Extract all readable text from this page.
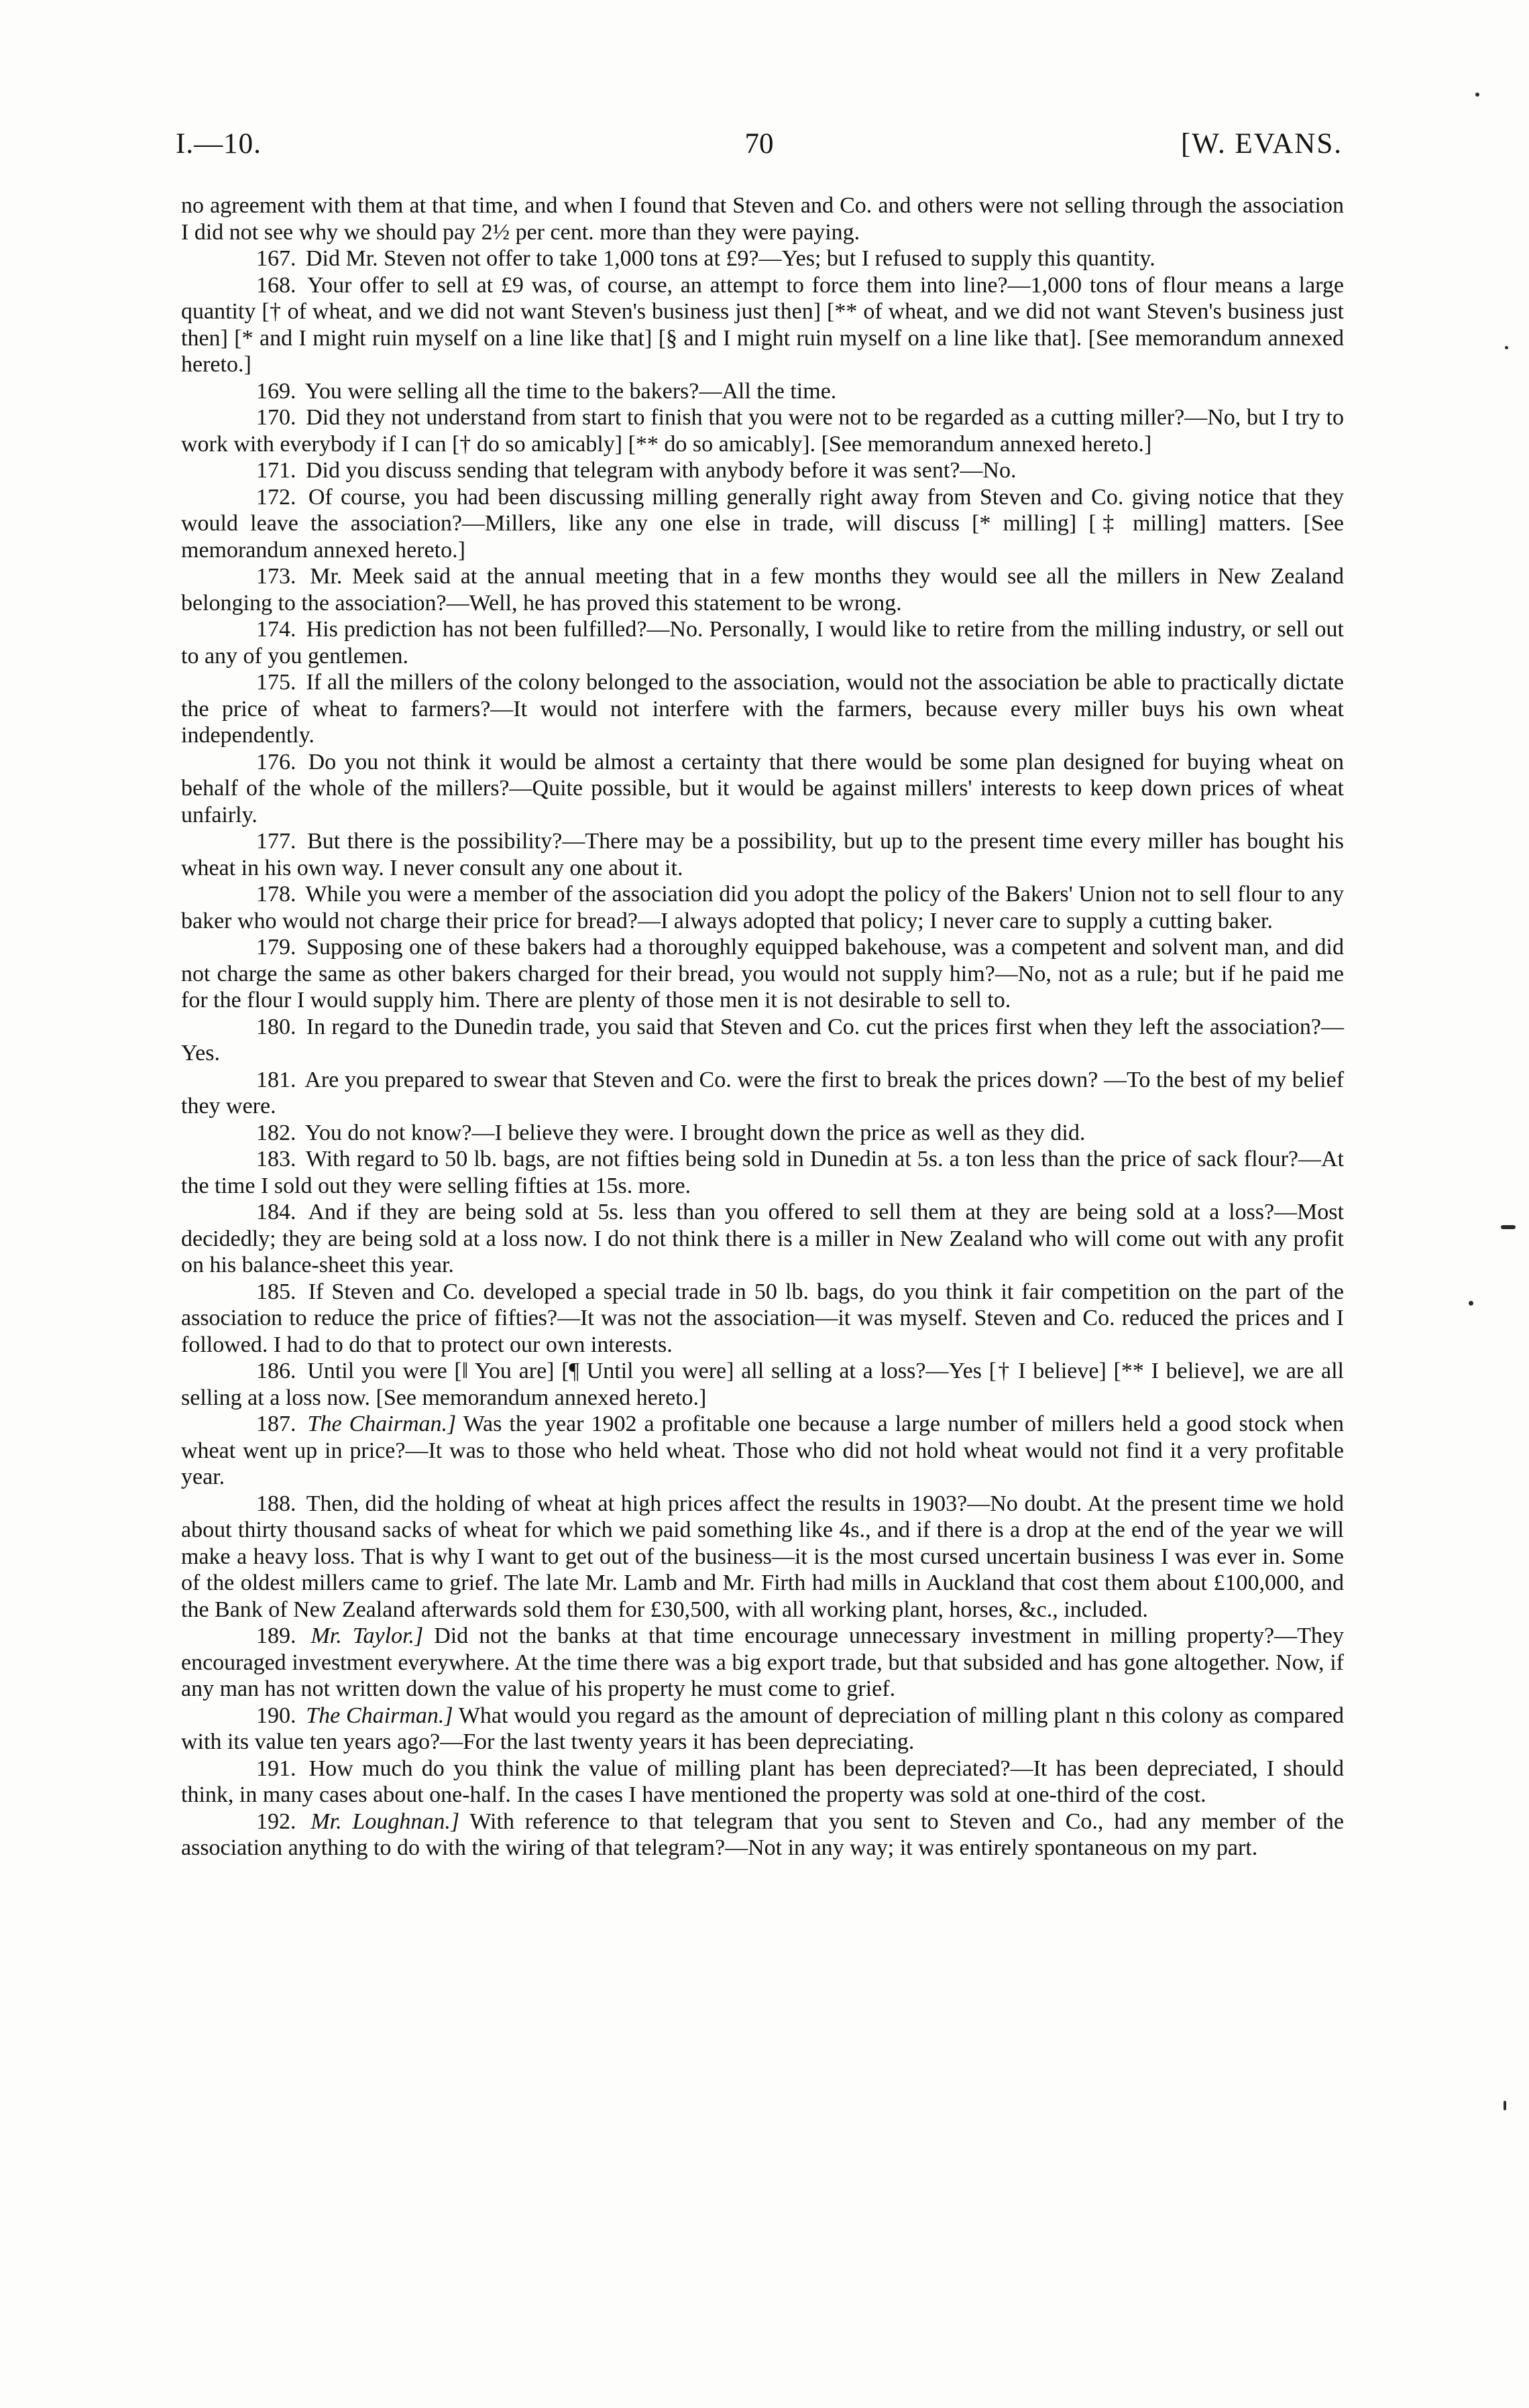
I.—10.	70	[W. EVANS.

no agreement with them at that time, and when I found that Steven and Co. and others were not selling through the association I did not see why we should pay 2½ per cent. more than they were paying.

167. Did Mr. Steven not offer to take 1,000 tons at £9?—Yes; but I refused to supply this quantity.

168. Your offer to sell at £9 was, of course, an attempt to force them into line?—1,000 tons of flour means a large quantity [† of wheat, and we did not want Steven's business just then] [** of wheat, and we did not want Steven's business just then] [* and I might ruin myself on a line like that] [§ and I might ruin myself on a line like that]. [See memorandum annexed hereto.]

169. You were selling all the time to the bakers?—All the time.

170. Did they not understand from start to finish that you were not to be regarded as a cutting miller?—No, but I try to work with everybody if I can [† do so amicably] [** do so amicably]. [See memorandum annexed hereto.]

171. Did you discuss sending that telegram with anybody before it was sent?—No.

172. Of course, you had been discussing milling generally right away from Steven and Co. giving notice that they would leave the association?—Millers, like any one else in trade, will discuss [* milling] [‡ milling] matters. [See memorandum annexed hereto.]

173. Mr. Meek said at the annual meeting that in a few months they would see all the millers in New Zealand belonging to the association?—Well, he has proved this statement to be wrong.

174. His prediction has not been fulfilled?—No. Personally, I would like to retire from the milling industry, or sell out to any of you gentlemen.

175. If all the millers of the colony belonged to the association, would not the association be able to practically dictate the price of wheat to farmers?—It would not interfere with the farmers, because every miller buys his own wheat independently.

176. Do you not think it would be almost a certainty that there would be some plan designed for buying wheat on behalf of the whole of the millers?—Quite possible, but it would be against millers' interests to keep down prices of wheat unfairly.

177. But there is the possibility?—There may be a possibility, but up to the present time every miller has bought his wheat in his own way. I never consult any one about it.

178. While you were a member of the association did you adopt the policy of the Bakers' Union not to sell flour to any baker who would not charge their price for bread?—I always adopted that policy; I never care to supply a cutting baker.

179. Supposing one of these bakers had a thoroughly equipped bakehouse, was a competent and solvent man, and did not charge the same as other bakers charged for their bread, you would not supply him?—No, not as a rule; but if he paid me for the flour I would supply him. There are plenty of those men it is not desirable to sell to.

180. In regard to the Dunedin trade, you said that Steven and Co. cut the prices first when they left the association?—Yes.

181. Are you prepared to swear that Steven and Co. were the first to break the prices down? —To the best of my belief they were.

182. You do not know?—I believe they were. I brought down the price as well as they did.

183. With regard to 50 lb. bags, are not fifties being sold in Dunedin at 5s. a ton less than the price of sack flour?—At the time I sold out they were selling fifties at 15s. more.

184. And if they are being sold at 5s. less than you offered to sell them at they are being sold at a loss?—Most decidedly; they are being sold at a loss now. I do not think there is a miller in New Zealand who will come out with any profit on his balance-sheet this year.

185. If Steven and Co. developed a special trade in 50 lb. bags, do you think it fair competition on the part of the association to reduce the price of fifties?—It was not the association—it was myself. Steven and Co. reduced the prices and I followed. I had to do that to protect our own interests.

186. Until you were [‖ You are] [¶ Until you were] all selling at a loss?—Yes [† I believe] [** I believe], we are all selling at a loss now. [See memorandum annexed hereto.]

187. The Chairman.] Was the year 1902 a profitable one because a large number of millers held a good stock when wheat went up in price?—It was to those who held wheat. Those who did not hold wheat would not find it a very profitable year.

188. Then, did the holding of wheat at high prices affect the results in 1903?—No doubt. At the present time we hold about thirty thousand sacks of wheat for which we paid something like 4s., and if there is a drop at the end of the year we will make a heavy loss. That is why I want to get out of the business—it is the most cursed uncertain business I was ever in. Some of the oldest millers came to grief. The late Mr. Lamb and Mr. Firth had mills in Auckland that cost them about £100,000, and the Bank of New Zealand afterwards sold them for £30,500, with all working plant, horses, &c., included.

189. Mr. Taylor.] Did not the banks at that time encourage unnecessary investment in milling property?—They encouraged investment everywhere. At the time there was a big export trade, but that subsided and has gone altogether. Now, if any man has not written down the value of his property he must come to grief.

190. The Chairman.] What would you regard as the amount of depreciation of milling plant n this colony as compared with its value ten years ago?—For the last twenty years it has been depreciating.

191. How much do you think the value of milling plant has been depreciated?—It has been depreciated, I should think, in many cases about one-half. In the cases I have mentioned the property was sold at one-third of the cost.

192. Mr. Loughnan.] With reference to that telegram that you sent to Steven and Co., had any member of the association anything to do with the wiring of that telegram?—Not in any way; it was entirely spontaneous on my part.
